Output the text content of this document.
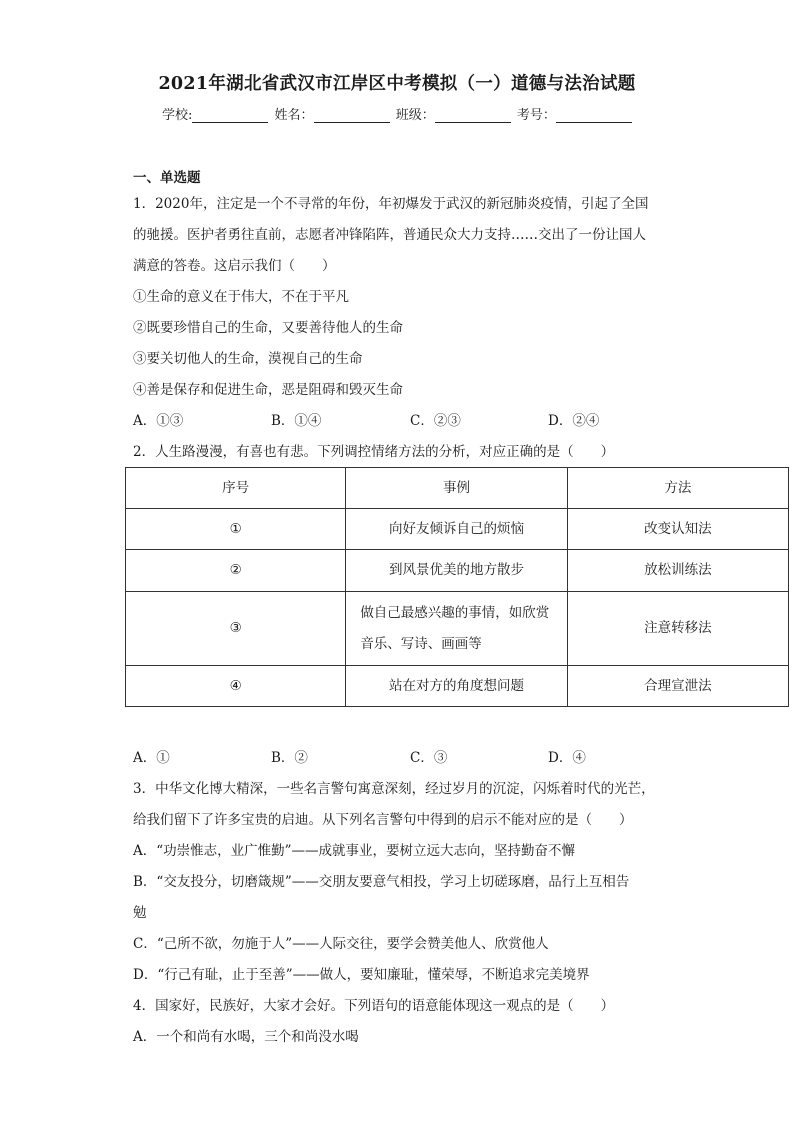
2021年湖北省武汉市江岸区中考模拟（一）道德与法治试题
学校:	姓名：	班级：	考号：
一、单选题
1．2020年，注定是一个不寻常的年份，年初爆发于武汉的新冠肺炎疫情，引起了全国
的驰援。医护者勇往直前，志愿者冲锋陷阵，普通民众大力支持……交出了一份让国人
满意的答卷。这启示我们（　　）
①生命的意义在于伟大，不在于平凡
②既要珍惜自己的生命，又要善待他人的生命
③要关切他人的生命，漠视自己的生命
④善是保存和促进生命，恶是阻碍和毁灭生命
A．①③	B．①④	C．②③	D．②④
2．人生路漫漫，有喜也有悲。下列调控情绪方法的分析，对应正确的是（　　）
序号	事例	方法
①	向好友倾诉自己的烦恼	改变认知法
②	到风景优美的地方散步	放松训练法
③	做自己最感兴趣的事情，如欣赏音乐、写诗、画画等	注意转移法
④	站在对方的角度想问题	合理宣泄法
A．①	B．②	C．③	D．④
3．中华文化博大精深，一些名言警句寓意深刻，经过岁月的沉淀，闪烁着时代的光芒，
给我们留下了许多宝贵的启迪。从下列名言警句中得到的启示不能对应的是（　　）
A．“功崇惟志，业广惟勤”——成就事业，要树立远大志向，坚持勤奋不懈
B．“交友投分，切磨箴规”——交朋友要意气相投，学习上切磋琢磨，品行上互相告
勉
C．“己所不欲，勿施于人”——人际交往，要学会赞美他人、欣赏他人
D．“行己有耻，止于至善”——做人，要知廉耻，懂荣辱，不断追求完美境界
4．国家好，民族好，大家才会好。下列语句的语意能体现这一观点的是（　　）
A．一个和尚有水喝，三个和尚没水喝
